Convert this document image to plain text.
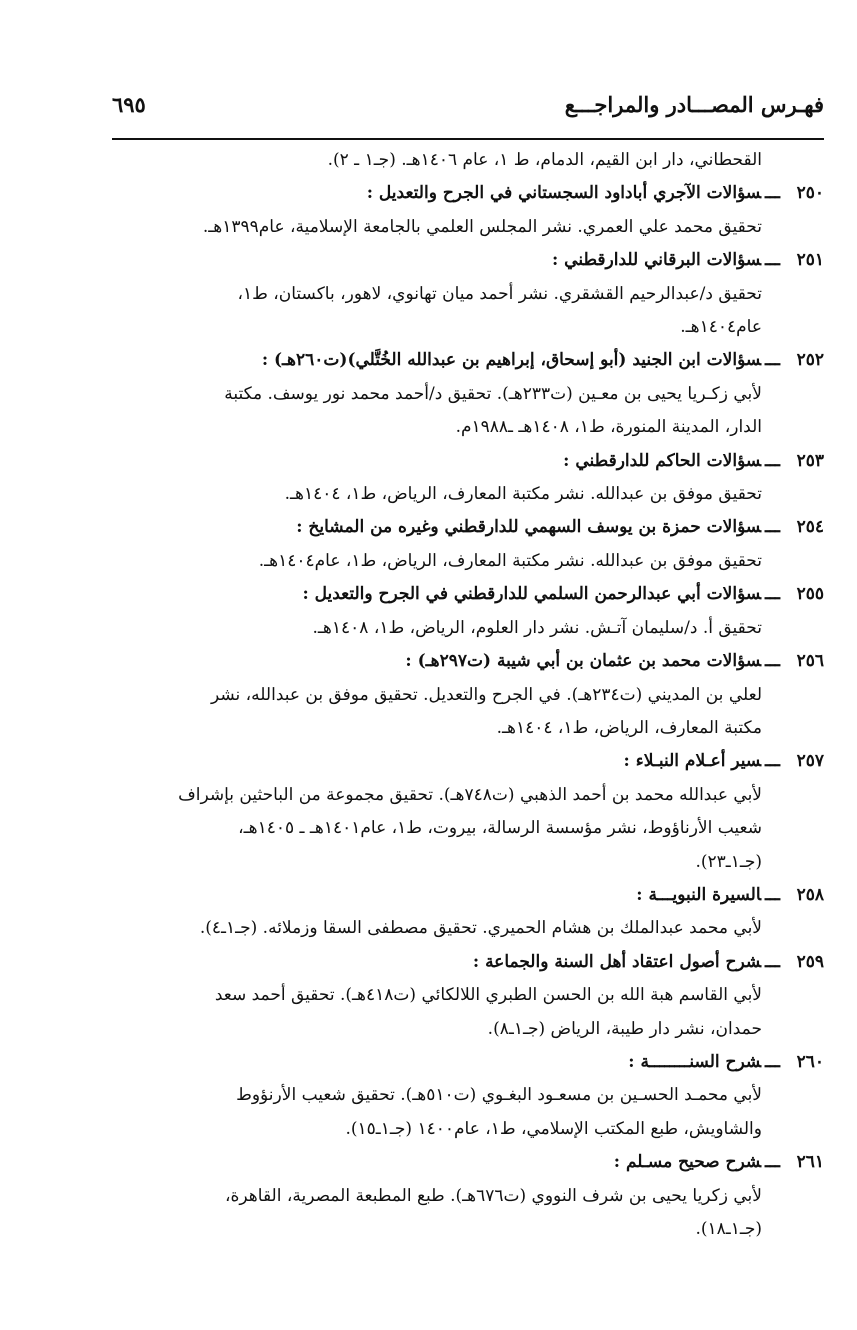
فهـرس المصـــادر والمراجـــع
٦٩٥
القحطاني، دار ابن القيم، الدمام، ط ١، عام ١٤٠٦هـ. (جـ١ ـ ٢).
٢٥٠ـــسؤالات الآجري أباداود السجستاني في الجرح والتعديل :
تحقيق محمد علي العمري. نشر المجلس العلمي بالجامعة الإسلامية، عام١٣٩٩هـ.
٢٥١ـــسؤالات البرقاني للدارقطني :
تحقيق د/عبدالرحيم القشقري. نشر أحمد ميان تهانوي، لاهور، باكستان، ط١،
عام١٤٠٤هـ.
٢٥٢ـــسؤالات ابن الجنيد (أبو إسحاق، إبراهيم بن عبدالله الخُتَّلي)(ت٢٦٠هـ) :
لأبي زكـريا يحيى بن معـين (ت٢٣٣هـ). تحقيق د/أحمد محمد نور يوسف. مكتبة
الدار، المدينة المنورة، ط١، ١٤٠٨هـ ـ١٩٨٨م.
٢٥٣ـــسؤالات الحاكم للدارقطني :
تحقيق موفق بن عبدالله. نشر مكتبة المعارف، الرياض، ط١، ١٤٠٤هـ.
٢٥٤ـــسؤالات حمزة بن يوسف السهمي للدارقطني وغيره من المشايخ :
تحقيق موفق بن عبدالله. نشر مكتبة المعارف، الرياض، ط١، عام١٤٠٤هـ.
٢٥٥ـــسؤالات أبي عبدالرحمن السلمي للدارقطني في الجرح والتعديل :
تحقيق أ. د/سليمان آتـش. نشر دار العلوم، الرياض، ط١، ١٤٠٨هـ.
٢٥٦ـــسؤالات محمد بن عثمان بن أبي شيبة (ت٢٩٧هـ) :
لعلي بن المديني (ت٢٣٤هـ). في الجرح والتعديل. تحقيق موفق بن عبدالله، نشر
مكتبة المعارف، الرياض، ط١، ١٤٠٤هـ.
٢٥٧ـــسير أعـلام النبـلاء :
لأبي عبدالله محمد بن أحمد الذهبي (ت٧٤٨هـ). تحقيق مجموعة من الباحثين بإشراف
شعيب الأرناؤوط، نشر مؤسسة الرسالة، بيروت، ط١، عام١٤٠١هـ ـ ١٤٠٥هـ،
(جـ١ـ٢٣).
٢٥٨ـــالسيرة النبويـــة :
لأبي محمد عبدالملك بن هشام الحميري. تحقيق مصطفى السقا وزملائه. (جـ١ـ٤).
٢٥٩ـــشرح أصول اعتقاد أهل السنة والجماعة :
لأبي القاسم هبة الله بن الحسن الطبري اللالكائي (ت٤١٨هـ). تحقيق أحمد سعد
حمدان، نشر دار طيبة، الرياض (جـ١ـ٨).
٢٦٠ـــشرح السنــــــــة :
لأبي محمـد الحسـين بن مسعـود البغـوي (ت٥١٠هـ). تحقيق شعيب الأرنؤوط
والشاويش، طبع المكتب الإسلامي، ط١، عام١٤٠٠ (جـ١ـ١٥).
٢٦١ـــشرح صحيح مسـلم :
لأبي زكريا يحيى بن شرف النووي (ت٦٧٦هـ). طبع المطبعة المصرية، القاهرة،
(جـ١ـ١٨).
